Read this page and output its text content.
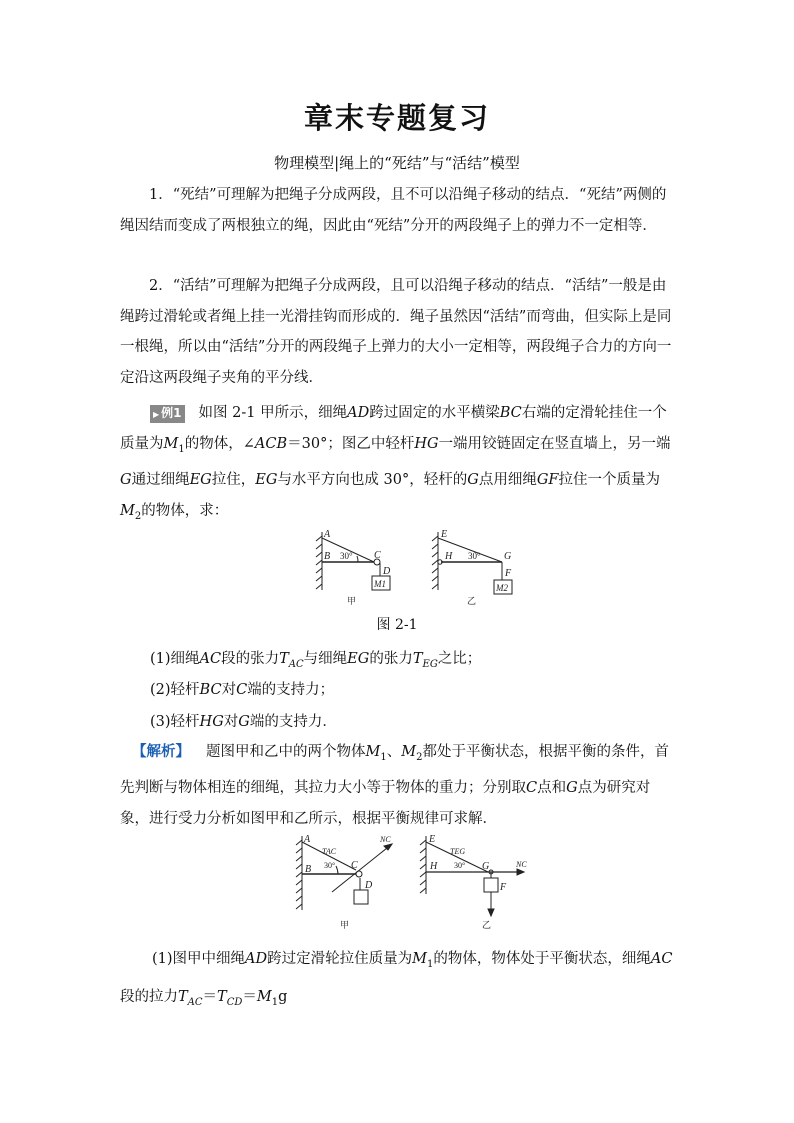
章末专题复习
物理模型|绳上的“死结”与“活结”模型
1．“死结”可理解为把绳子分成两段，且不可以沿绳子移动的结点．“死结”两侧的绳因结而变成了两根独立的绳，因此由“死结”分开的两段绳子上的弹力不一定相等．
2．“活结”可理解为把绳子分成两段，且可以沿绳子移动的结点．“活结”一般是由绳跨过滑轮或者绳上挂一光滑挂钩而形成的．绳子虽然因“活结”而弯曲，但实际上是同一根绳，所以由“活结”分开的两段绳子上弹力的大小一定相等，两段绳子合力的方向一定沿这两段绳子夹角的平分线．
▶ 例1 如图 2-1 甲所示，细绳AD跨过固定的水平横梁BC右端的定滑轮挂住一个质量为$M_1$的物体，∠ACB＝30°；图乙中轻杆HG一端用铰链固定在竖直墙上，另一端G通过细绳EG拉住，EG与水平方向也成 30°，轻杆的G点用细绳GF拉住一个质量为$M_2$的物体，求：
A
B 30° C
D
M1
甲
E
H 30° G
F
M2
乙
图 2-1
(1)细绳AC段的张力$T_{AC}$与细绳EG的张力$T_{EG}$之比；
(2)轻杆BC对C端的支持力；
(3)轻杆HG对G端的支持力．
【解析】 题图甲和乙中的两个物体$M_1$、$M_2$都处于平衡状态，根据平衡的条件，首先判断与物体相连的细绳，其拉力大小等于物体的重力；分别取C点和G点为研究对象，进行受力分析如图甲和乙所示，根据平衡规律可求解．
A
B
TAC
NC
30° C
D
甲
E
H
TEG
30° G	NC
F
乙
(1)图甲中细绳AD跨过定滑轮拉住质量为$M_1$的物体，物体处于平衡状态，细绳AC段的拉力$T_{AC}=T_{CD}=M_1g$
